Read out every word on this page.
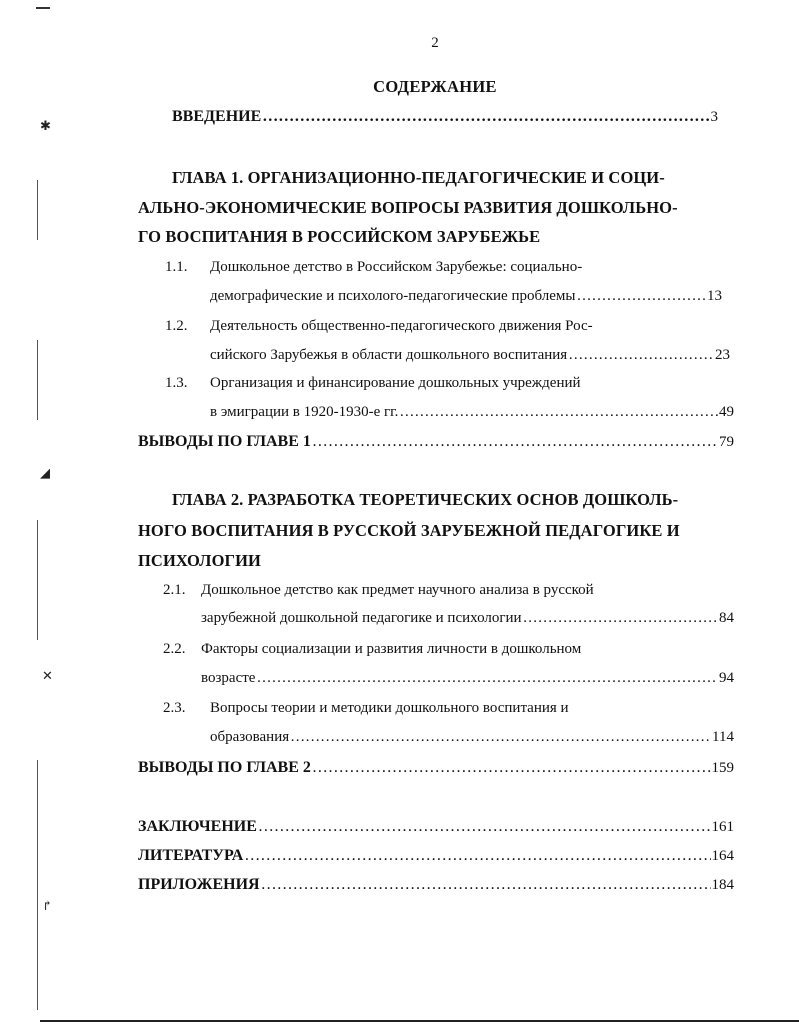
✱
◢
✕
↱
2
СОДЕРЖАНИЕ
ВВЕДЕНИЕ ……………………………………………………………………………………………………………………………………………………	3
ГЛАВА 1. ОРГАНИЗАЦИОННО-ПЕДАГОГИЧЕСКИЕ И СОЦИ-
АЛЬНО-ЭКОНОМИЧЕСКИЕ ВОПРОСЫ РАЗВИТИЯ ДОШКОЛЬНО-
ГО ВОСПИТАНИЯ В РОССИЙСКОМ ЗАРУБЕЖЬЕ
1.1. Дошкольное детство в Российском Зарубежье: социально-
демографические и психолого-педагогические проблемы ……………………………………………………………………………………………………………………………………………………	13
1.2. Деятельность общественно-педагогического движения Рос-
сийского Зарубежья в области дошкольного воспитания ……………………………………………………………………………………………………………………………………………………	23
1.3. Организация и финансирование дошкольных учреждений
в эмиграции в 1920-1930-е гг. ……………………………………………………………………………………………………………………………………………………	49
ВЫВОДЫ ПО ГЛАВЕ 1 ……………………………………………………………………………………………………………………………………………………	79
ГЛАВА 2. РАЗРАБОТКА ТЕОРЕТИЧЕСКИХ ОСНОВ ДОШКОЛЬ-
НОГО ВОСПИТАНИЯ В РУССКОЙ ЗАРУБЕЖНОЙ ПЕДАГОГИКЕ И
ПСИХОЛОГИИ
2.1. Дошкольное детство как предмет научного анализа в русской
зарубежной дошкольной педагогике и психологии ……………………………………………………………………………………………………………………………………………………	84
2.2. Факторы социализации и развития личности в дошкольном
возрасте ……………………………………………………………………………………………………………………………………………………	94
2.3. Вопросы теории и методики дошкольного воспитания и
образования ……………………………………………………………………………………………………………………………………………………	114
ВЫВОДЫ ПО ГЛАВЕ 2 ……………………………………………………………………………………………………………………………………………………	159
ЗАКЛЮЧЕНИЕ ……………………………………………………………………………………………………………………………………………………	161
ЛИТЕРАТУРА ……………………………………………………………………………………………………………………………………………………	164
ПРИЛОЖЕНИЯ ……………………………………………………………………………………………………………………………………………………	184
